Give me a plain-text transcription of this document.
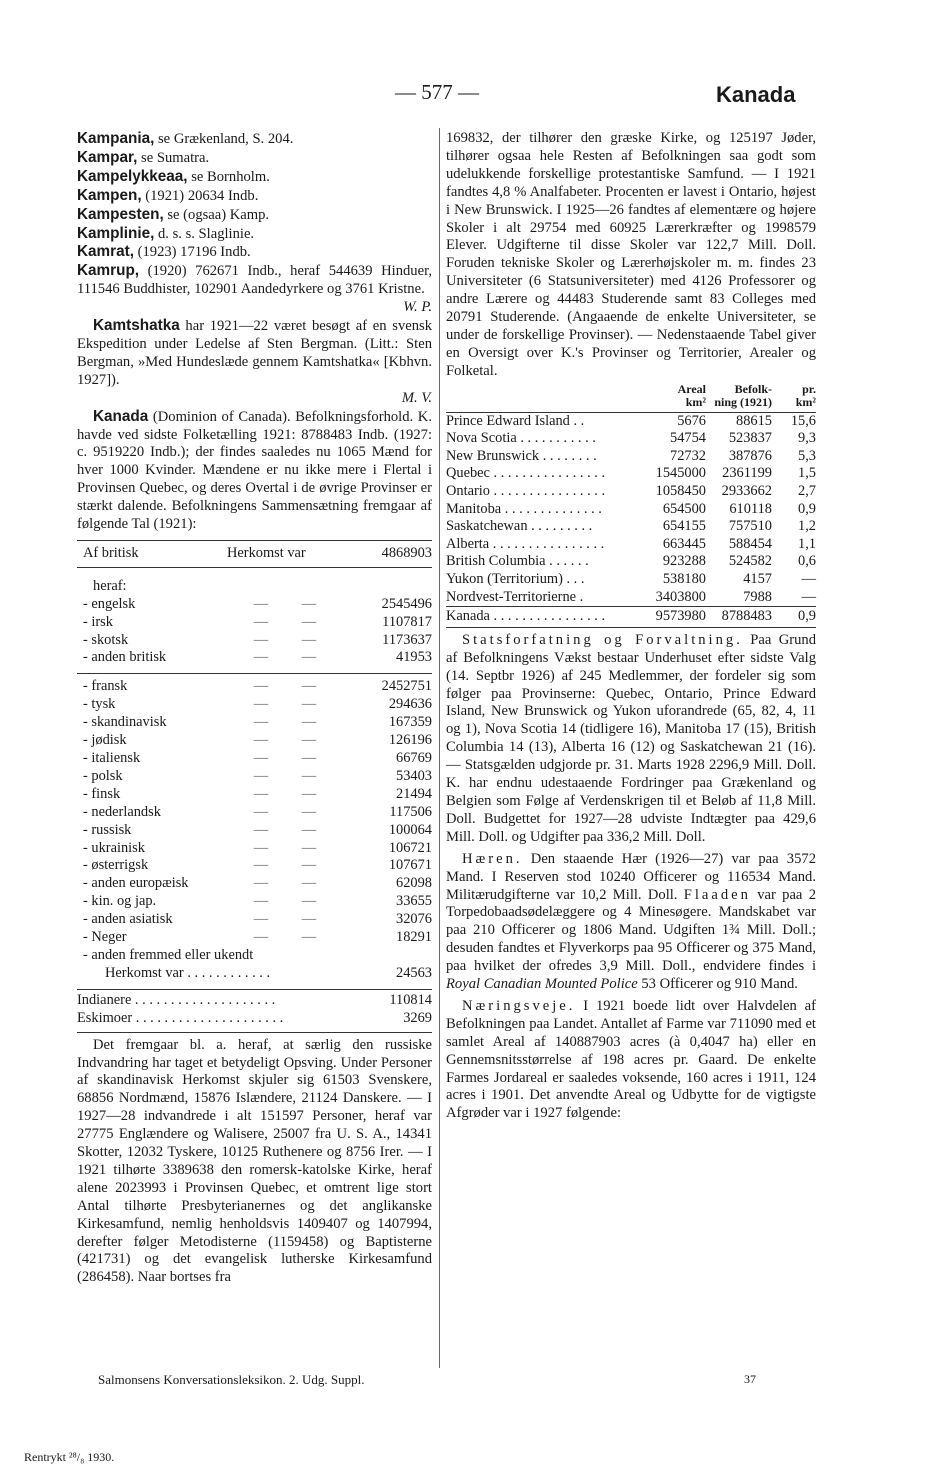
— 577 —	Kanada

Kampania, se Grækenland, S. 204.

Kampar, se Sumatra.

Kampelykkeaa, se Bornholm.

Kampen, (1921) 20634 Indb.

Kampesten, se (ogsaa) Kamp.

Kamplinie, d. s. s. Slaglinie.

Kamrat, (1923) 17196 Indb.

Kamrup, (1920) 762671 Indb., heraf 544639 Hinduer, 111546 Buddhister, 102901 Aandedyrkere og 3761 Kristne.

W. P.

Kamtshatka har 1921—22 været besøgt af en svensk Ekspedition under Ledelse af Sten Bergman. (Litt.: Sten Bergman, »Med Hundeslæde gennem Kamtshatka« [Kbhvn. 1927]).

M. V.

Kanada (Dominion of Canada). Befolkningsforhold. K. havde ved sidste Folketælling 1921: 8788483 Indb. (1927: c. 9519220 Indb.); der findes saaledes nu 1065 Mænd for hver 1000 Kvinder. Mændene er nu ikke mere i Flertal i Provinsen Quebec, og deres Overtal i de øvrige Provinser er stærkt dalende. Befolkningens Sammensætning fremgaar af følgende Tal (1921):

Af britisk	Herkomst var	4868903
heraf:
- engelsk	—	—	2545496
- irsk	—	—	1107817
- skotsk	—	—	1173637
- anden britisk	—	—	41953
- fransk	—	—	2452751
- tysk	—	—	294636
- skandinavisk	—	—	167359
- jødisk	—	—	126196
- italiensk	—	—	66769
- polsk	—	—	53403
- finsk	—	—	21494
- nederlandsk	—	—	117506
- russisk	—	—	100064
- ukrainisk	—	—	106721
- østerrigsk	—	—	107671
- anden europæisk	—	—	62098
- kin. og jap.	—	—	33655
- anden asiatisk	—	—	32076
- Neger	—	—	18291
- anden fremmed eller ukendt			
Herkomst var . . . . . . . . . . . .			24563
Indianere . . . . . . . . . . . . . . . . . . . .	110814
Eskimoer . . . . . . . . . . . . . . . . . . . . .	3269

Det fremgaar bl. a. heraf, at særlig den russiske Indvandring har taget et betydeligt Opsving. Under Personer af skandinavisk Herkomst skjuler sig 61503 Svenskere, 68856 Nordmænd, 15876 Islændere, 21124 Danskere. — I 1927—28 indvandrede i alt 151597 Personer, heraf var 27775 Englændere og Walisere, 25007 fra U. S. A., 14341 Skotter, 12032 Tyskere, 10125 Ruthenere og 8756 Irer. — I 1921 tilhørte 3389638 den romersk-katolske Kirke, heraf alene 2023993 i Provinsen Quebec, et omtrent lige stort Antal tilhørte Presbyterianernes og det anglikanske Kirkesamfund, nemlig henholdsvis 1409407 og 1407994, derefter følger Metodisterne (1159458) og Baptisterne (421731) og det evangelisk lutherske Kirkesamfund (286458). Naar bortses fra

169832, der tilhører den græske Kirke, og 125197 Jøder, tilhører ogsaa hele Resten af Befolkningen saa godt som udelukkende forskellige protestantiske Samfund. — I 1921 fandtes 4,8 % Analfabeter. Procenten er lavest i Ontario, højest i New Brunswick. I 1925—26 fandtes af elementære og højere Skoler i alt 29754 med 60925 Lærerkræfter og 1998579 Elever. Udgifterne til disse Skoler var 122,7 Mill. Doll. Foruden tekniske Skoler og Lærerhøjskoler m. m. findes 23 Universiteter (6 Statsuniversiteter) med 4126 Professorer og andre Lærere og 44483 Studerende samt 83 Colleges med 20791 Studerende. (Angaaende de enkelte Universiteter, se under de forskellige Provinser). — Nedenstaaende Tabel giver en Oversigt over K.'s Provinser og Territorier, Arealer og Folketal.

	Areal	Befolk-	pr.
	km²	ning (1921)	km²
Prince Edward Island . .	5676	88615	15,6
Nova Scotia . . . . . . . . . . .	54754	523837	9,3
New Brunswick . . . . . . . .	72732	387876	5,3
Quebec . . . . . . . . . . . . . . . .	1545000	2361199	1,5
Ontario . . . . . . . . . . . . . . . .	1058450	2933662	2,7
Manitoba . . . . . . . . . . . . . .	654500	610118	0,9
Saskatchewan . . . . . . . . .	654155	757510	1,2
Alberta . . . . . . . . . . . . . . . .	663445	588454	1,1
British Columbia . . . . . .	923288	524582	0,6
Yukon (Territorium) . . .	538180	4157	—
Nordvest-Territorierne .	3403800	7988	—
Kanada . . . . . . . . . . . . . . . .	9573980	8788483	0,9

Statsforfatning og Forvaltning. Paa Grund af Befolkningens Vækst bestaar Underhuset efter sidste Valg (14. Septbr 1926) af 245 Medlemmer, der fordeler sig som følger paa Provinserne: Quebec, Ontario, Prince Edward Island, New Brunswick og Yukon uforandrede (65, 82, 4, 11 og 1), Nova Scotia 14 (tidligere 16), Manitoba 17 (15), British Columbia 14 (13), Alberta 16 (12) og Saskatchewan 21 (16). — Statsgælden udgjorde pr. 31. Marts 1928 2296,9 Mill. Doll. K. har endnu udestaaende Fordringer paa Grækenland og Belgien som Følge af Verdenskrigen til et Beløb af 11,8 Mill. Doll. Budgettet for 1927—28 udviste Indtægter paa 429,6 Mill. Doll. og Udgifter paa 336,2 Mill. Doll.

Hæren. Den staaende Hær (1926—27) var paa 3572 Mand. I Reserven stod 10240 Officerer og 116534 Mand. Militærudgifterne var 10,2 Mill. Doll. Flaaden var paa 2 Torpedobaadsødelæggere og 4 Minesøgere. Mandskabet var paa 210 Officerer og 1806 Mand. Udgiften 1¾ Mill. Doll.; desuden fandtes et Flyverkorps paa 95 Officerer og 375 Mand, paa hvilket der ofredes 3,9 Mill. Doll., endvidere findes i Royal Canadian Mounted Police 53 Officerer og 910 Mand.

Næringsveje. I 1921 boede lidt over Halvdelen af Befolkningen paa Landet. Antallet af Farme var 711090 med et samlet Areal af 140887903 acres (à 0,4047 ha) eller en Gennemsnitsstørrelse af 198 acres pr. Gaard. De enkelte Farmes Jordareal er saaledes voksende, 160 acres i 1911, 124 acres i 1901. Det anvendte Areal og Udbytte for de vigtigste Afgrøder var i 1927 følgende:

Salmonsens Konversationsleksikon. 2. Udg. Suppl.	37
Rentrykt ²⁸/₈ 1930.
